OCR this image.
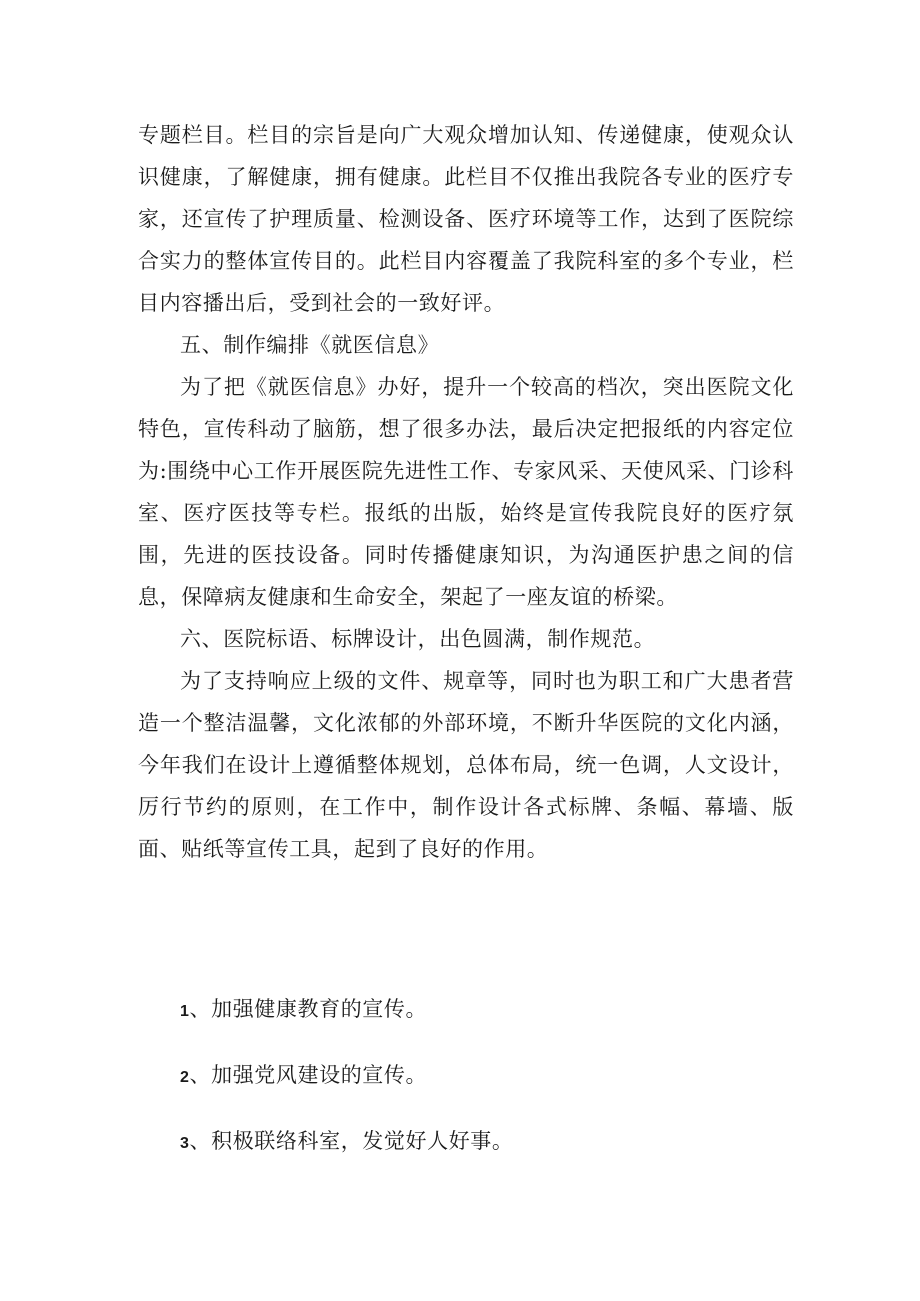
专题栏目。栏目的宗旨是向广大观众增加认知、传递健康，使观众认识健康，了解健康，拥有健康。此栏目不仅推出我院各专业的医疗专家，还宣传了护理质量、检测设备、医疗环境等工作，达到了医院综合实力的整体宣传目的。此栏目内容覆盖了我院科室的多个专业，栏目内容播出后，受到社会的一致好评。

五、制作编排《就医信息》

为了把《就医信息》办好，提升一个较高的档次，突出医院文化特色，宣传科动了脑筋，想了很多办法，最后决定把报纸的内容定位为:围绕中心工作开展医院先进性工作、专家风采、天使风采、门诊科室、医疗医技等专栏。报纸的出版，始终是宣传我院良好的医疗氛围，先进的医技设备。同时传播健康知识，为沟通医护患之间的信息，保障病友健康和生命安全，架起了一座友谊的桥梁。

六、医院标语、标牌设计，出色圆满，制作规范。

为了支持响应上级的文件、规章等，同时也为职工和广大患者营造一个整洁温馨，文化浓郁的外部环境，不断升华医院的文化内涵，今年我们在设计上遵循整体规划，总体布局，统一色调，人文设计，厉行节约的原则，在工作中，制作设计各式标牌、条幅、幕墙、版面、贴纸等宣传工具，起到了良好的作用。

1、加强健康教育的宣传。
2、加强党风建设的宣传。
3、积极联络科室，发觉好人好事。
